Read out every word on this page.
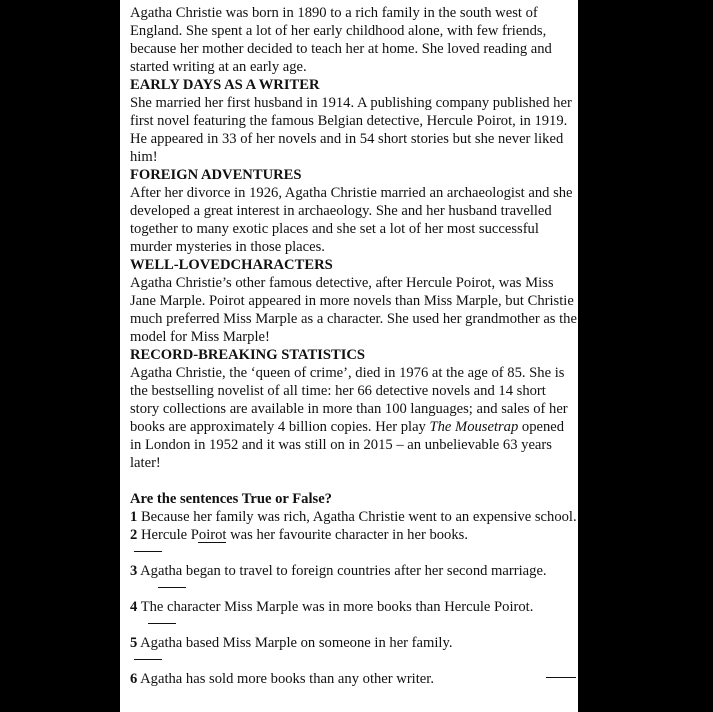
Agatha Christie was born in 1890 to a rich family in the south west of England. She spent a lot of her early childhood alone, with few friends, because her mother decided to teach her at home. She loved reading and started writing at an early age.

EARLY DAYS AS A WRITER

She married her first husband in 1914. A publishing company published her first novel featuring the famous Belgian detective, Hercule Poirot, in 1919. He appeared in 33 of her novels and in 54 short stories but she never liked him!

FOREIGN ADVENTURES

After her divorce in 1926, Agatha Christie married an archaeologist and she developed a great interest in archaeology. She and her husband travelled together to many exotic places and she set a lot of her most successful murder mysteries in those places.

WELL-LOVEDCHARACTERS

Agatha Christie’s other famous detective, after Hercule Poirot, was Miss Jane Marple. Poirot appeared in more novels than Miss Marple, but Christie much preferred Miss Marple as a character. She used her grandmother as the model for Miss Marple!

RECORD-BREAKING STATISTICS

Agatha Christie, the ‘queen of crime’, died in 1976 at the age of 85. She is the bestselling novelist of all time: her 66 detective novels and 14 short story collections are available in more than 100 languages; and sales of her books are approximately 4 billion copies. Her play The Mousetrap opened in London in 1952 and it was still on in 2015 – an unbelievable 63 years later!

Are the sentences True or False?

1 Because her family was rich, Agatha Christie went to an expensive school.
2 Hercule Poirot was her favourite character in her books.
3 Agatha began to travel to foreign countries after her second marriage.
4 The character Miss Marple was in more books than Hercule Poirot.
5 Agatha based Miss Marple on someone in her family.
6 Agatha has sold more books than any other writer.
